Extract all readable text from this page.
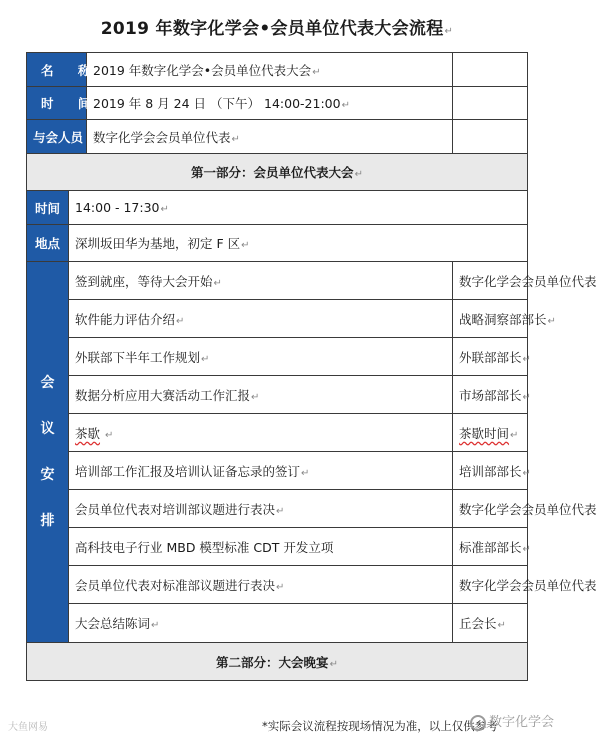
2019 年数字化学会•会员单位代表大会流程↵
名 称		2019 年数字化学会•会员单位代表大会↵	
时 间		2019 年 8 月 24 日 （下午） 14:00-21:00↵	
与会人员		数字化学会会员单位代表↵	
第一部分：会员单位代表大会↵			
时间	14:00 - 17:30↵		
地点	深圳坂田华为基地，初定 F 区↵		

会
议
安
排	签到就座，等待大会开始↵		数字化学会会员单位代表
	软件能力评估介绍↵		战略洞察部部长↵
	外联部下半年工作规划↵		外联部部长↵
	数据分析应用大赛活动工作汇报↵		市场部部长↵
	茶歇 ↵		茶歇时间↵
	培训部工作汇报及培训认证备忘录的签订↵		培训部部长↵
	会员单位代表对培训部议题进行表决↵		数字化学会会员单位代表
	高科技电子行业 MBD 模型标准 CDT 开发立项		标准部部长↵
	会员单位代表对标准部议题进行表决↵		数字化学会会员单位代表
	大会总结陈词↵		丘会长↵
第二部分：大会晚宴↵			
大鱼网易	*实际会议流程按现场情况为准，以上仅供参考
数字化学会
